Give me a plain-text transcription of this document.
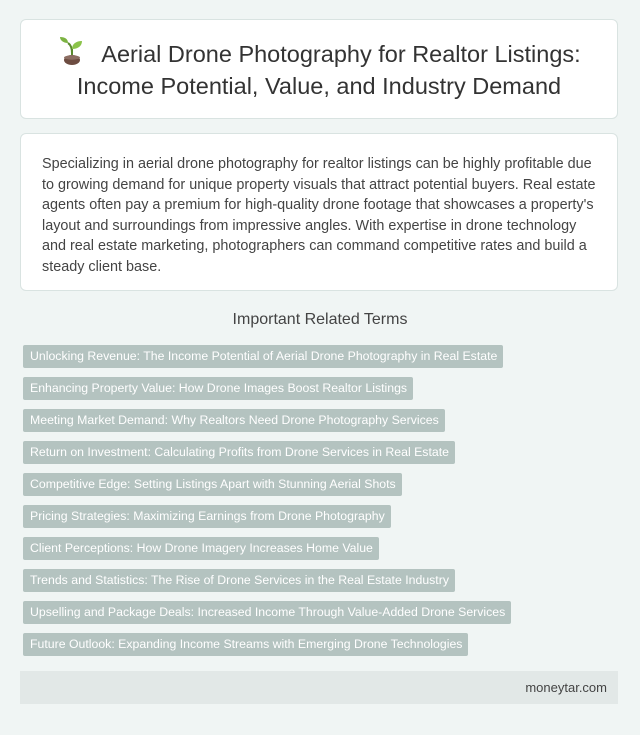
Aerial Drone Photography for Realtor Listings: Income Potential, Value, and Industry Demand

Specializing in aerial drone photography for realtor listings can be highly profitable due to growing demand for unique property visuals that attract potential buyers. Real estate agents often pay a premium for high-quality drone footage that showcases a property's layout and surroundings from impressive angles. With expertise in drone technology and real estate marketing, photographers can command competitive rates and build a steady client base.

Important Related Terms
Unlocking Revenue: The Income Potential of Aerial Drone Photography in Real Estate
Enhancing Property Value: How Drone Images Boost Realtor Listings
Meeting Market Demand: Why Realtors Need Drone Photography Services
Return on Investment: Calculating Profits from Drone Services in Real Estate
Competitive Edge: Setting Listings Apart with Stunning Aerial Shots
Pricing Strategies: Maximizing Earnings from Drone Photography
Client Perceptions: How Drone Imagery Increases Home Value
Trends and Statistics: The Rise of Drone Services in the Real Estate Industry
Upselling and Package Deals: Increased Income Through Value-Added Drone Services
Future Outlook: Expanding Income Streams with Emerging Drone Technologies
moneytar.com
